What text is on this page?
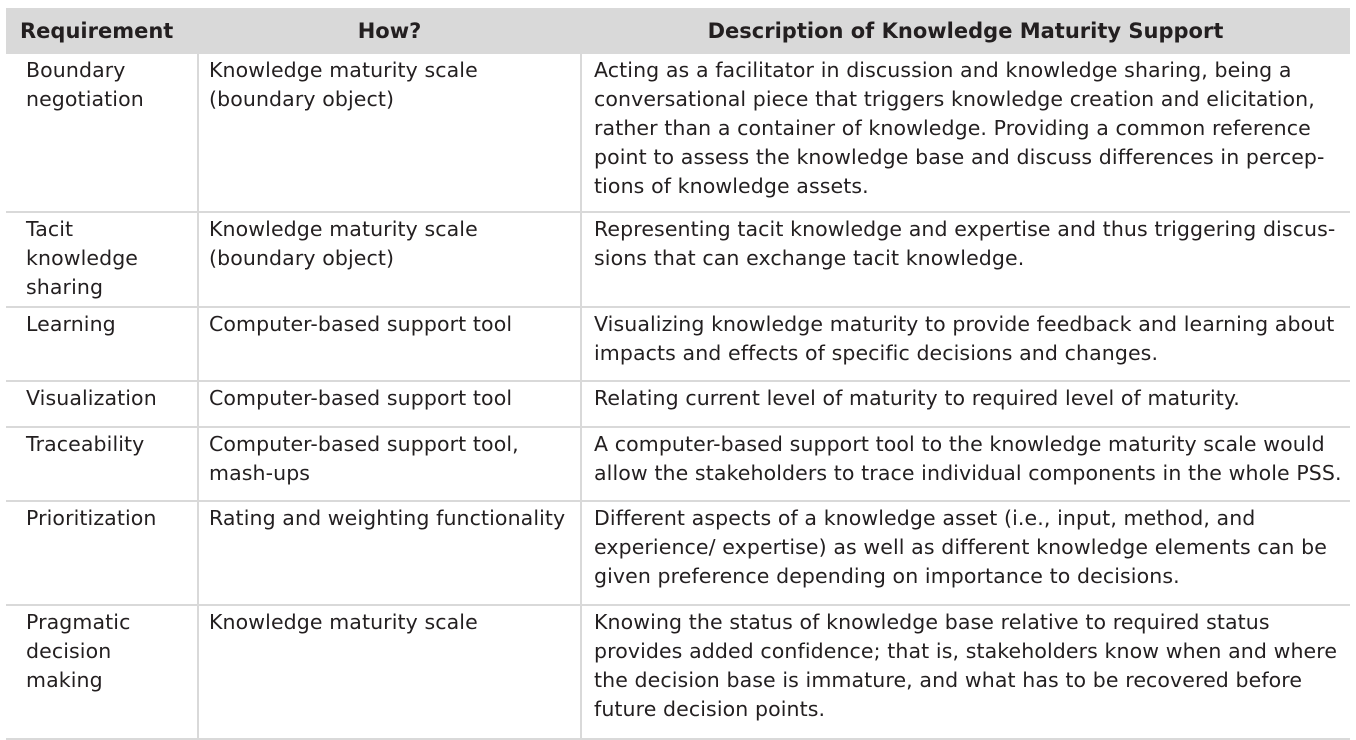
Requirement	How?	Description of Knowledge Maturity Support
Boundary negotiation	Knowledge maturity scale (boundary object)	Acting as a facilitator in discussion and knowledge sharing, being a conversational piece that triggers knowledge creation and elicitation, rather than a container of knowledge. Providing a common reference point to assess the knowledge base and discuss differences in percep-tions of knowledge assets.
Tacit knowledge sharing	Knowledge maturity scale (boundary object)	Representing tacit knowledge and expertise and thus triggering discus-sions that can exchange tacit knowledge.
Learning	Computer-based support tool	Visualizing knowledge maturity to provide feedback and learning about impacts and effects of specific decisions and changes.
Visualization	Computer-based support tool	Relating current level of maturity to required level of maturity.
Traceability	Computer-based support tool, mash-ups	A computer-based support tool to the knowledge maturity scale would allow the stakeholders to trace individual components in the whole PSS.
Prioritization	Rating and weighting functionality	Different aspects of a knowledge asset (i.e., input, method, and experience/ expertise) as well as different knowledge elements can be given preference depending on importance to decisions.
Pragmatic decision making	Knowledge maturity scale	Knowing the status of knowledge base relative to required status provides added confidence; that is, stakeholders know when and where the decision base is immature, and what has to be recovered before future decision points.
